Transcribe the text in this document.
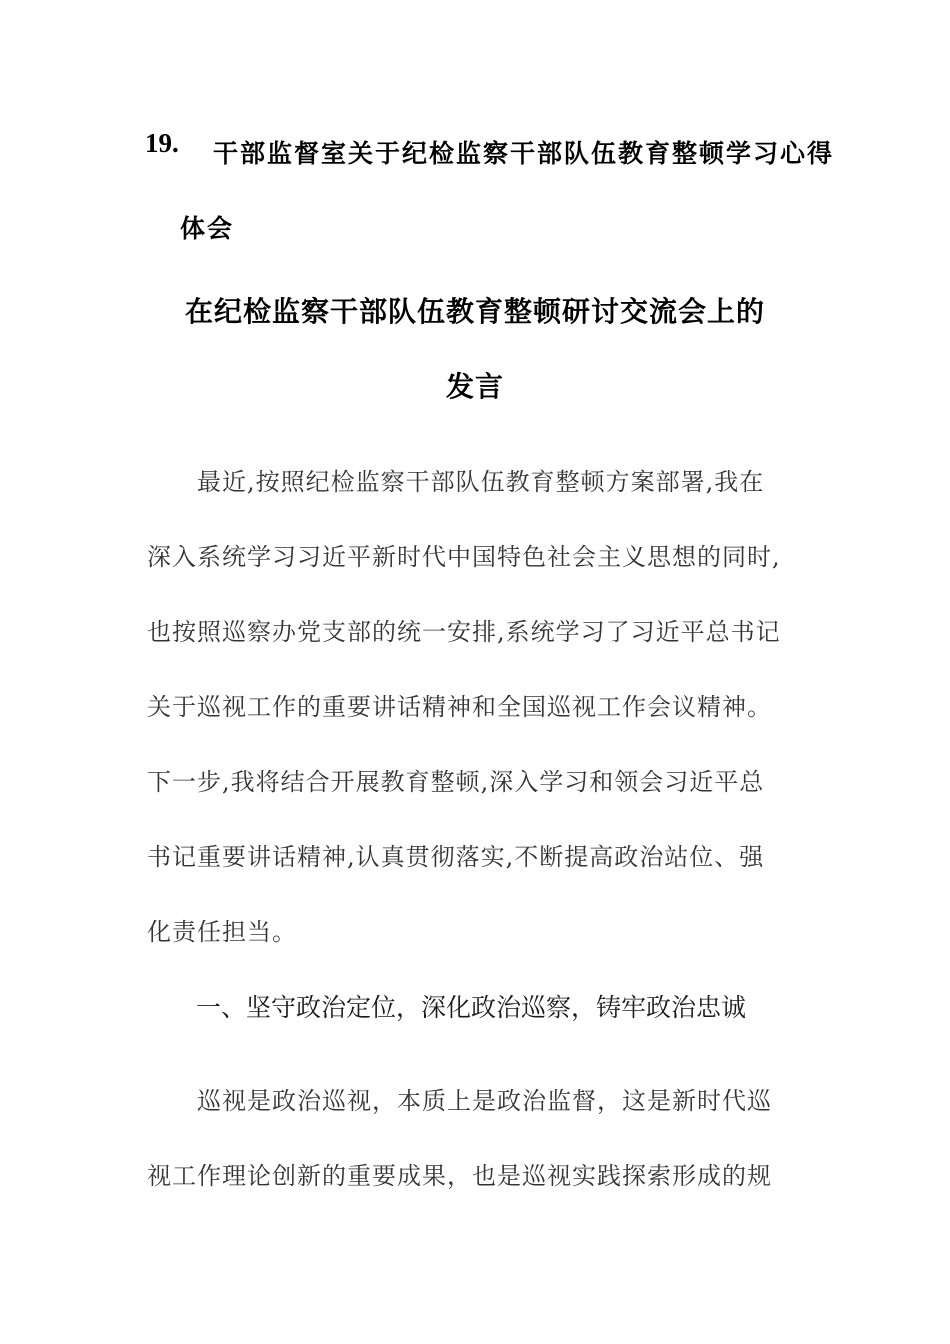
19. 干部监督室关于纪检监察干部队伍教育整顿学习心得
体会
在纪检监察干部队伍教育整顿研讨交流会上的
发言
最近,按照纪检监察干部队伍教育整顿方案部署,我在
深入系统学习习近平新时代中国特色社会主义思想的同时,
也按照巡察办党支部的统一安排,系统学习了习近平总书记
关于巡视工作的重要讲话精神和全国巡视工作会议精神。
下一步,我将结合开展教育整顿,深入学习和领会习近平总
书记重要讲话精神,认真贯彻落实,不断提高政治站位、强
化责任担当。
一、坚守政治定位，深化政治巡察，铸牢政治忠诚
巡视是政治巡视，本质上是政治监督，这是新时代巡
视工作理论创新的重要成果，也是巡视实践探索形成的规
